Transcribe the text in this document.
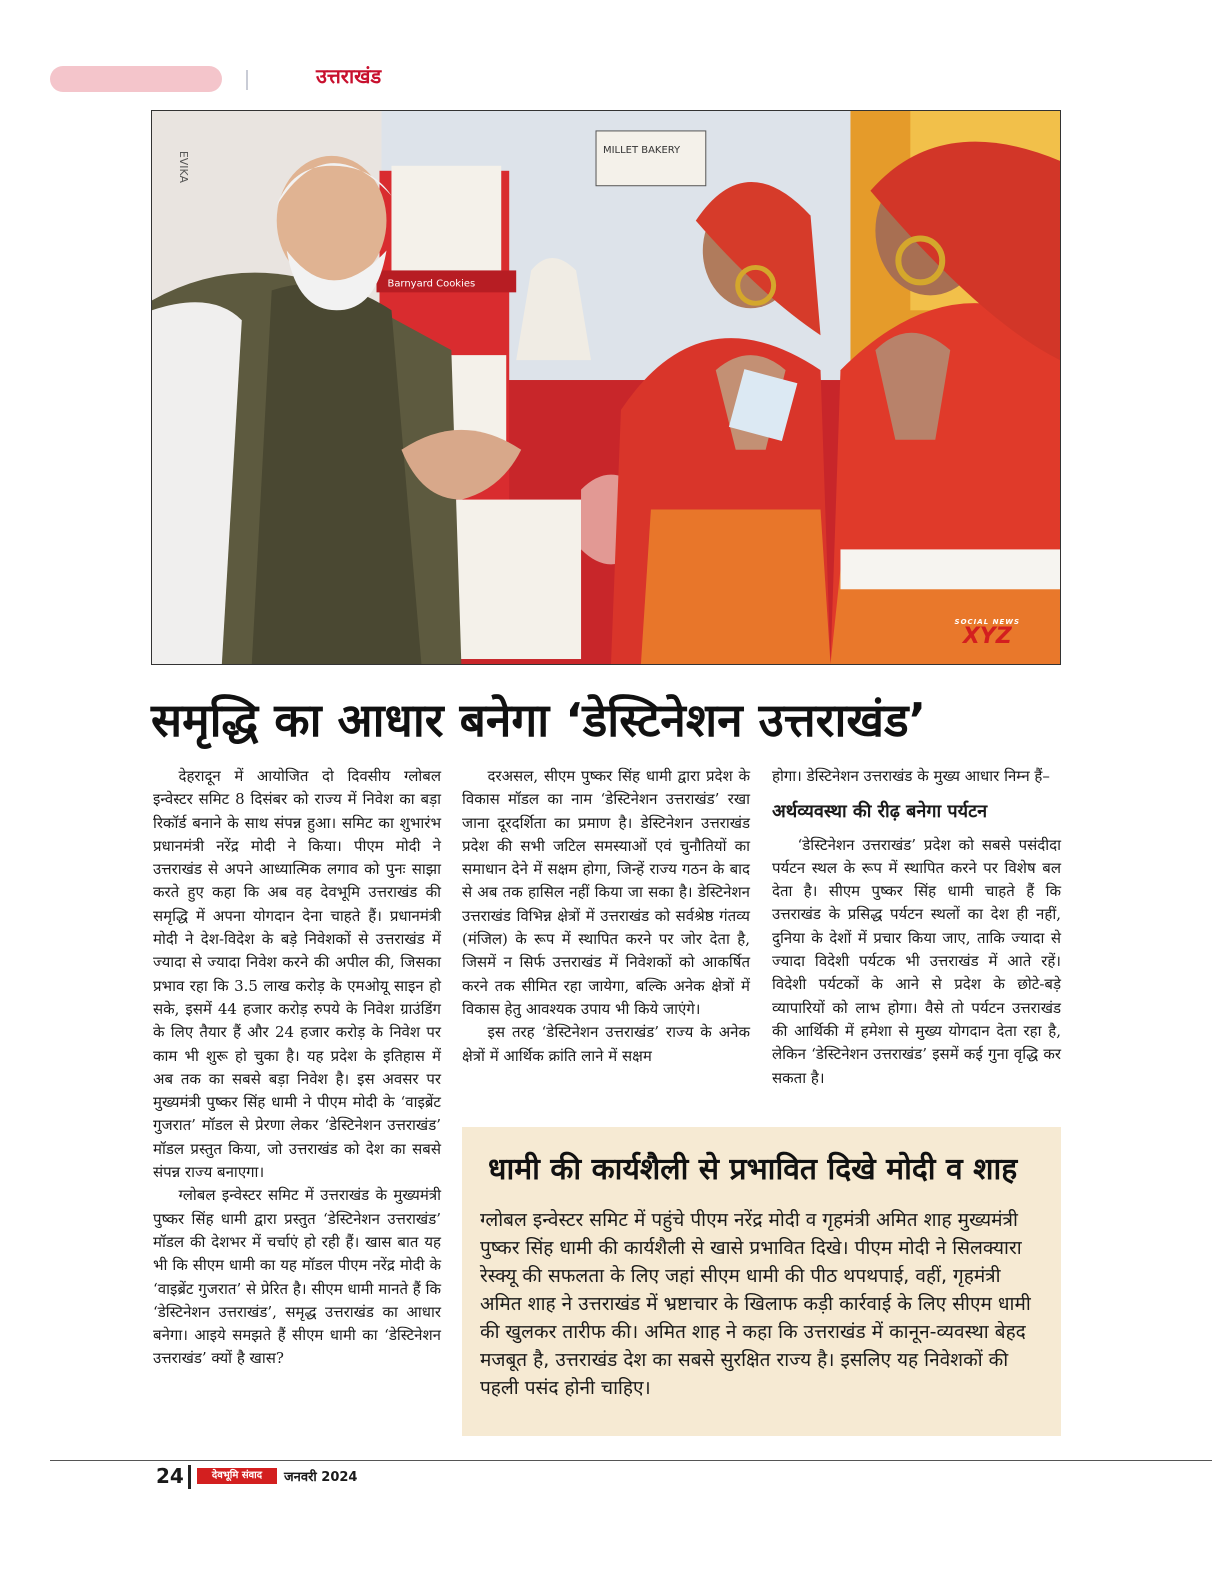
उत्तराखंड
Barnyard Cookies
MILLET BAKERY
EVIKA
SOCIAL NEWS
XYZ
समृद्धि का आधार बनेगा ‘डेस्टिनेशन उत्तराखंड’

देहरादून में आयोजित दो दिवसीय ग्लोबल इन्वेस्टर समिट 8 दिसंबर को राज्य में निवेश का बड़ा रिकॉर्ड बनाने के साथ संपन्न हुआ। समिट का शुभारंभ प्रधानमंत्री नरेंद्र मोदी ने किया। पीएम मोदी ने उत्तराखंड से अपने आध्यात्मिक लगाव को पुनः साझा करते हुए कहा कि अब वह देवभूमि उत्तराखंड की समृद्धि में अपना योगदान देना चाहते हैं। प्रधानमंत्री मोदी ने देश-विदेश के बड़े निवेशकों से उत्तराखंड में ज्यादा से ज्यादा निवेश करने की अपील की, जिसका प्रभाव रहा कि 3.5 लाख करोड़ के एमओयू साइन हो सके, इसमें 44 हजार करोड़ रुपये के निवेश ग्राउंडिंग के लिए तैयार हैं और 24 हजार करोड़ के निवेश पर काम भी शुरू हो चुका है। यह प्रदेश के इतिहास में अब तक का सबसे बड़ा निवेश है। इस अवसर पर मुख्यमंत्री पुष्कर सिंह धामी ने पीएम मोदी के ‘वाइब्रेंट गुजरात’ मॉडल से प्रेरणा लेकर ‘डेस्टिनेशन उत्तराखंड’ मॉडल प्रस्तुत किया, जो उत्तराखंड को देश का सबसे संपन्न राज्य बनाएगा।

ग्लोबल इन्वेस्टर समिट में उत्तराखंड के मुख्यमंत्री पुष्कर सिंह धामी द्वारा प्रस्तुत ‘डेस्टिनेशन उत्तराखंड’ मॉडल की देशभर में चर्चाएं हो रही हैं। खास बात यह भी कि सीएम धामी का यह मॉडल पीएम नरेंद्र मोदी के ‘वाइब्रेंट गुजरात’ से प्रेरित है। सीएम धामी मानते हैं कि ‘डेस्टिनेशन उत्तराखंड’, समृद्ध उत्तराखंड का आधार बनेगा। आइये समझते हैं सीएम धामी का ‘डेस्टिनेशन उत्तराखंड’ क्यों है खास?

दरअसल, सीएम पुष्कर सिंह धामी द्वारा प्रदेश के विकास मॉडल का नाम ‘डेस्टिनेशन उत्तराखंड’ रखा जाना दूरदर्शिता का प्रमाण है। डेस्टिनेशन उत्तराखंड प्रदेश की सभी जटिल समस्याओं एवं चुनौतियों का समाधान देने में सक्षम होगा, जिन्हें राज्य गठन के बाद से अब तक हासिल नहीं किया जा सका है। डेस्टिनेशन उत्तराखंड विभिन्न क्षेत्रों में उत्तराखंड को सर्वश्रेष्ठ गंतव्य (मंजिल) के रूप में स्थापित करने पर जोर देता है, जिसमें न सिर्फ उत्तराखंड में निवेशकों को आकर्षित करने तक सीमित रहा जायेगा, बल्कि अनेक क्षेत्रों में विकास हेतु आवश्यक उपाय भी किये जाएंगे।

इस तरह ‘डेस्टिनेशन उत्तराखंड’ राज्य के अनेक क्षेत्रों में आर्थिक क्रांति लाने में सक्षम

होगा। डेस्टिनेशन उत्तराखंड के मुख्य आधार निम्न हैं–

अर्थव्यवस्था की रीढ़ बनेगा पर्यटन

‘डेस्टिनेशन उत्तराखंड’ प्रदेश को सबसे पसंदीदा पर्यटन स्थल के रूप में स्थापित करने पर विशेष बल देता है। सीएम पुष्कर सिंह धामी चाहते हैं कि उत्तराखंड के प्रसिद्ध पर्यटन स्थलों का देश ही नहीं, दुनिया के देशों में प्रचार किया जाए, ताकि ज्यादा से ज्यादा विदेशी पर्यटक भी उत्तराखंड में आते रहें। विदेशी पर्यटकों के आने से प्रदेश के छोटे-बड़े व्यापारियों को लाभ होगा। वैसे तो पर्यटन उत्तराखंड की आर्थिकी में हमेशा से मुख्य योगदान देता रहा है, लेकिन ‘डेस्टिनेशन उत्तराखंड’ इसमें कई गुना वृद्धि कर सकता है।

धामी की कार्यशैली से प्रभावित दिखे मोदी व शाह

ग्लोबल इन्वेस्टर समिट में पहुंचे पीएम नरेंद्र मोदी व गृहमंत्री अमित शाह मुख्यमंत्री पुष्कर सिंह धामी की कार्यशैली से खासे प्रभावित दिखे। पीएम मोदी ने सिलक्यारा रेस्क्यू की सफलता के लिए जहां सीएम धामी की पीठ थपथपाई, वहीं, गृहमंत्री अमित शाह ने उत्तराखंड में भ्रष्टाचार के खिलाफ कड़ी कार्रवाई के लिए सीएम धामी की खुलकर तारीफ की। अमित शाह ने कहा कि उत्तराखंड में कानून-व्यवस्था बेहद मजबूत है, उत्तराखंड देश का सबसे सुरक्षित राज्य है। इसलिए यह निवेशकों की पहली पसंद होनी चाहिए।

24	देवभूमि संवाद	जनवरी 2024
